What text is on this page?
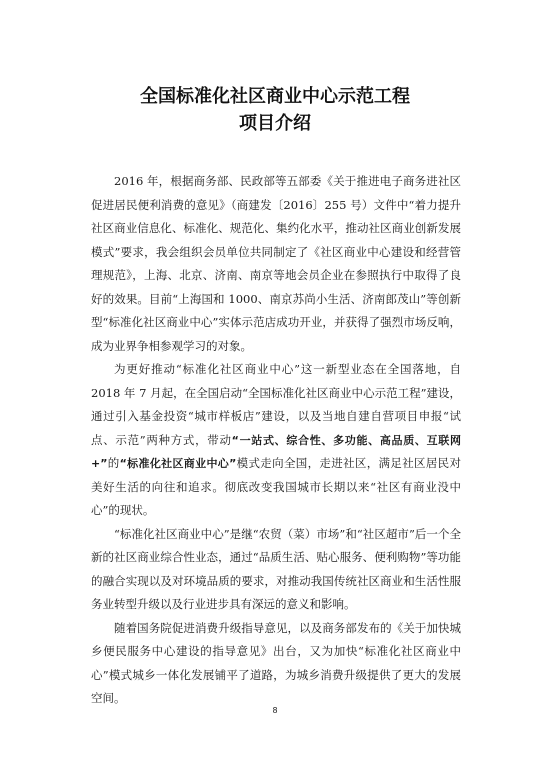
全国标准化社区商业中心示范工程
项目介绍

2016 年，根据商务部、民政部等五部委《关于推进电子商务进社区促进居民便利消费的意见》（商建发〔2016〕255 号）文件中“着力提升社区商业信息化、标准化、规范化、集约化水平，推动社区商业创新发展模式”要求，我会组织会员单位共同制定了《社区商业中心建设和经营管理规范》，上海、北京、济南、南京等地会员企业在参照执行中取得了良好的效果。目前“上海国和 1000、南京苏尚小生活、济南郎茂山”等创新型“标准化社区商业中心”实体示范店成功开业，并获得了强烈市场反响，成为业界争相参观学习的对象。

为更好推动“标准化社区商业中心”这一新型业态在全国落地，自 2018 年 7 月起，在全国启动“全国标准化社区商业中心示范工程”建设，通过引入基金投资“城市样板店”建设，以及当地自建自营项目申报“试点、示范”两种方式，带动“一站式、综合性、多功能、高品质、互联网+”的“标准化社区商业中心”模式走向全国，走进社区，满足社区居民对美好生活的向往和追求。彻底改变我国城市长期以来“社区有商业没中心”的现状。

“标准化社区商业中心”是继“农贸（菜）市场”和“社区超市”后一个全新的社区商业综合性业态，通过“品质生活、贴心服务、便利购物”等功能的融合实现以及对环境品质的要求，对推动我国传统社区商业和生活性服务业转型升级以及行业进步具有深远的意义和影响。

随着国务院促进消费升级指导意见，以及商务部发布的《关于加快城乡便民服务中心建设的指导意见》出台，又为加快“标准化社区商业中心”模式城乡一体化发展铺平了道路，为城乡消费升级提供了更大的发展空间。

8
